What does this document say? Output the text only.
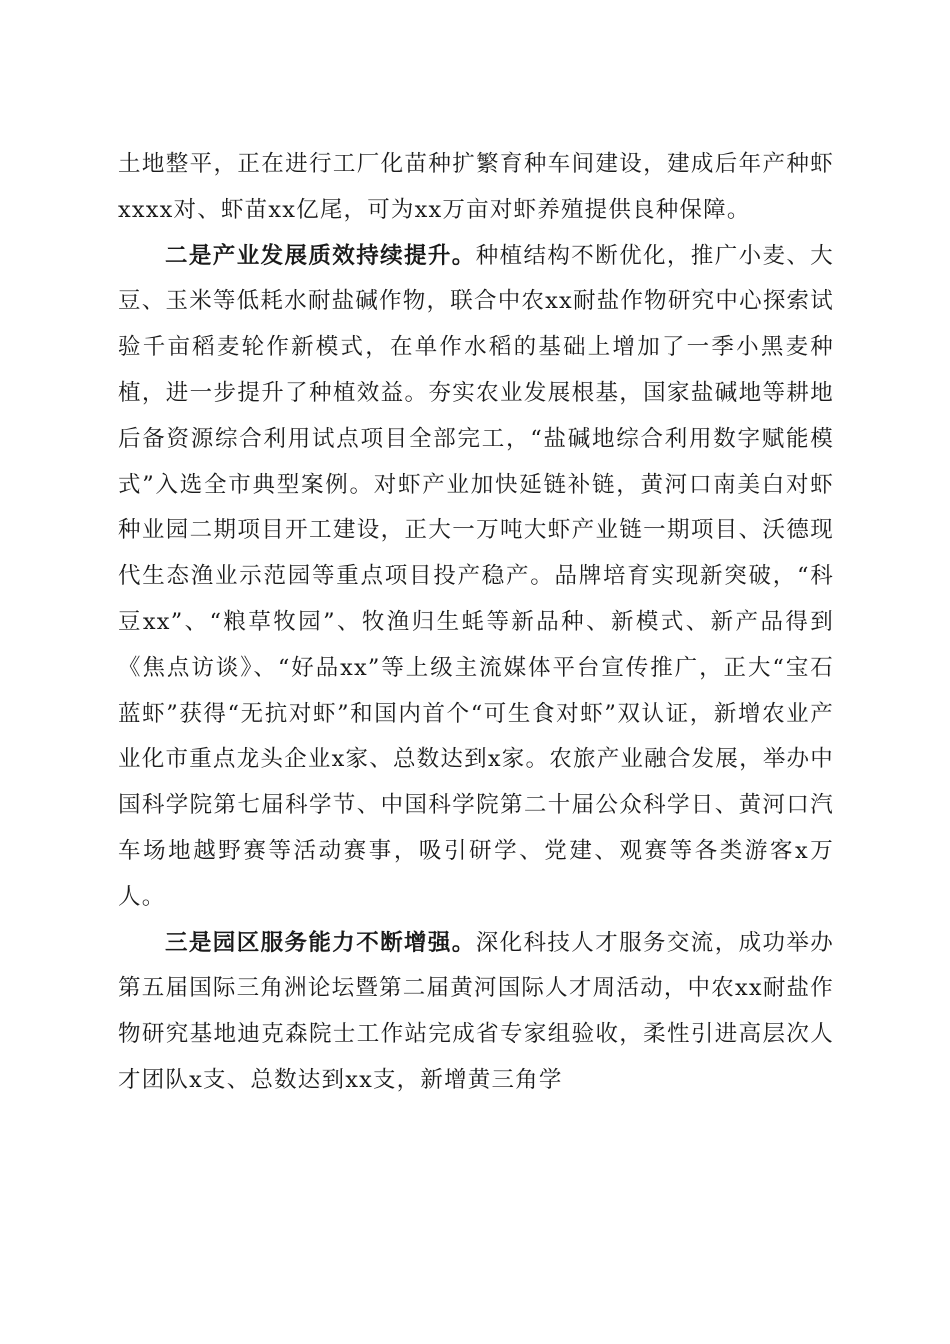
土地整平，正在进行工厂化苗种扩繁育种车间建设，建成后年产种虾xxxx对、虾苗xx亿尾，可为xx万亩对虾养殖提供良种保障。

二是产业发展质效持续提升。种植结构不断优化，推广小麦、大豆、玉米等低耗水耐盐碱作物，联合中农xx耐盐作物研究中心探索试验千亩稻麦轮作新模式，在单作水稻的基础上增加了一季小黑麦种植，进一步提升了种植效益。夯实农业发展根基，国家盐碱地等耕地后备资源综合利用试点项目全部完工，“盐碱地综合利用数字赋能模式”入选全市典型案例。对虾产业加快延链补链，黄河口南美白对虾种业园二期项目开工建设，正大一万吨大虾产业链一期项目、沃德现代生态渔业示范园等重点项目投产稳产。品牌培育实现新突破，“科豆xx”、“粮草牧园”、牧渔归生蚝等新品种、新模式、新产品得到《焦点访谈》、“好品xx”等上级主流媒体平台宣传推广，正大“宝石蓝虾”获得“无抗对虾”和国内首个“可生食对虾”双认证，新增农业产业化市重点龙头企业x家、总数达到x家。农旅产业融合发展，举办中国科学院第七届科学节、中国科学院第二十届公众科学日、黄河口汽车场地越野赛等活动赛事，吸引研学、党建、观赛等各类游客x万人。

三是园区服务能力不断增强。深化科技人才服务交流，成功举办第五届国际三角洲论坛暨第二届黄河国际人才周活动，中农xx耐盐作物研究基地迪克森院士工作站完成省专家组验收，柔性引进高层次人才团队x支、总数达到xx支，新增黄三角学
